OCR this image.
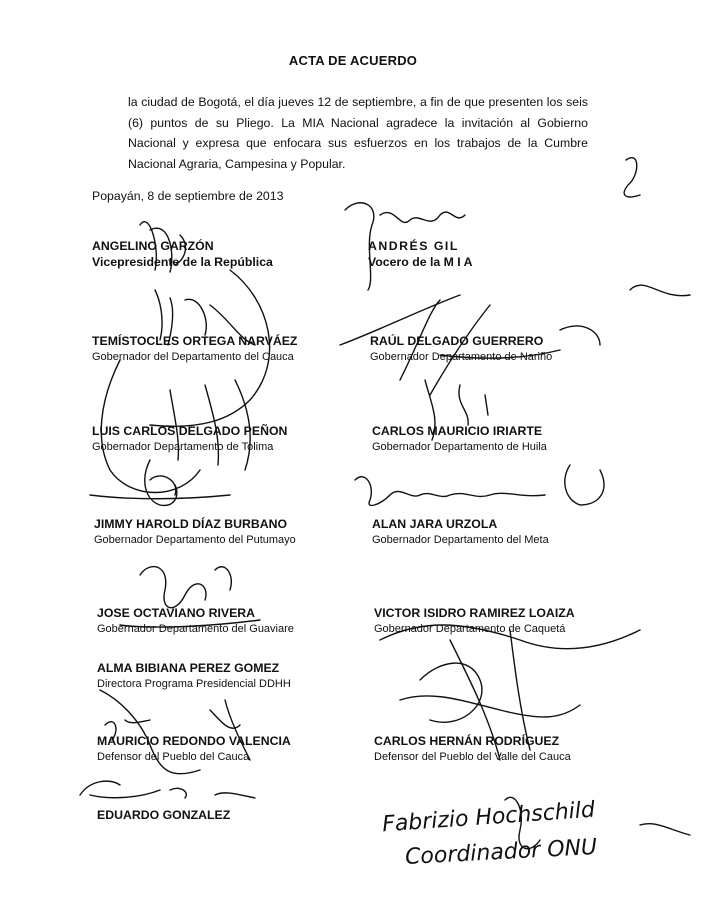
ACTA DE ACUERDO
la ciudad de Bogotá, el día jueves 12 de septiembre, a fin de que presenten los seis (6) puntos de su Pliego. La MIA Nacional agradece la invitación al Gobierno Nacional y expresa que enfocara sus esfuerzos en los trabajos de la Cumbre Nacional Agraria, Campesina y Popular.
Popayán, 8 de septiembre de 2013
ANGELINO GARZÓN
Vicepresidente de la República
TEMÍSTOCLES ORTEGA NARVÁEZ
Gobernador del Departamento del Cauca
LUIS CARLOS DELGADO PEÑON
Gobernador Departamento de Tolima
JIMMY HAROLD DÍAZ BURBANO
Gobernador Departamento del Putumayo
JOSE OCTAVIANO RIVERA
Gobernador Departamento del Guaviare
ALMA BIBIANA PEREZ GOMEZ
Directora Programa Presidencial DDHH
MAURICIO REDONDO VALENCIA
Defensor del Pueblo del Cauca
EDUARDO GONZALEZ
ANDRÉS GIL
Vocero de la M I A
RAÚL DELGADO GUERRERO
Gobernador Departamento de Nariño
CARLOS MAURICIO IRIARTE
Gobernador Departamento de Huila
ALAN JARA URZOLA
Gobernador Departamento del Meta
VICTOR ISIDRO RAMIREZ LOAIZA
Gobernador Departamento de Caquetá
CARLOS HERNÁN RODRÍGUEZ
Defensor del Pueblo del Valle del Cauca
Fabrizio Hochschild
Coordinador ONU
